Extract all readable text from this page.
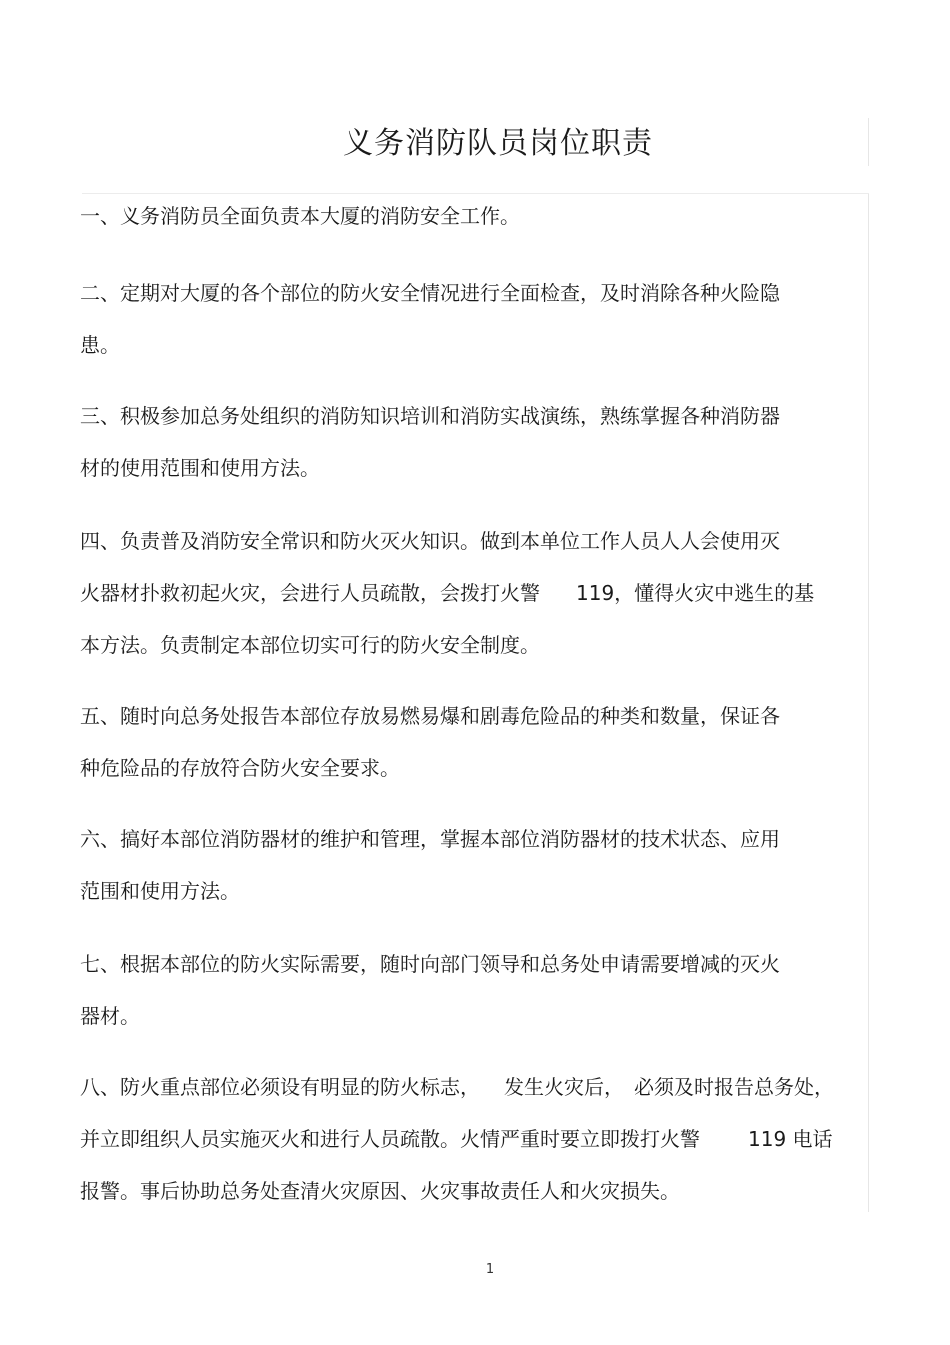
义务消防队员岗位职责
一、义务消防员全面负责本大厦的消防安全工作。
二、定期对大厦的各个部位的防火安全情况进行全面检查，及时消除各种火险隐
患。
三、积极参加总务处组织的消防知识培训和消防实战演练，熟练掌握各种消防器
材的使用范围和使用方法。
四、负责普及消防安全常识和防火灭火知识。做到本单位工作人员人人会使用灭
火器材扑救初起火灾，会进行人员疏散，会拨打火警 119，懂得火灾中逃生的基
本方法。负责制定本部位切实可行的防火安全制度。
五、随时向总务处报告本部位存放易燃易爆和剧毒危险品的种类和数量，保证各
种危险品的存放符合防火安全要求。
六、搞好本部位消防器材的维护和管理，掌握本部位消防器材的技术状态、应用
范围和使用方法。
七、根据本部位的防火实际需要，随时向部门领导和总务处申请需要增减的灭火
器材。
八、防火重点部位必须设有明显的防火标志， 发生火灾后， 必须及时报告总务处，
并立即组织人员实施灭火和进行人员疏散。火情严重时要立即拨打火警 119 电话
报警。事后协助总务处查清火灾原因、火灾事故责任人和火灾损失。
1
